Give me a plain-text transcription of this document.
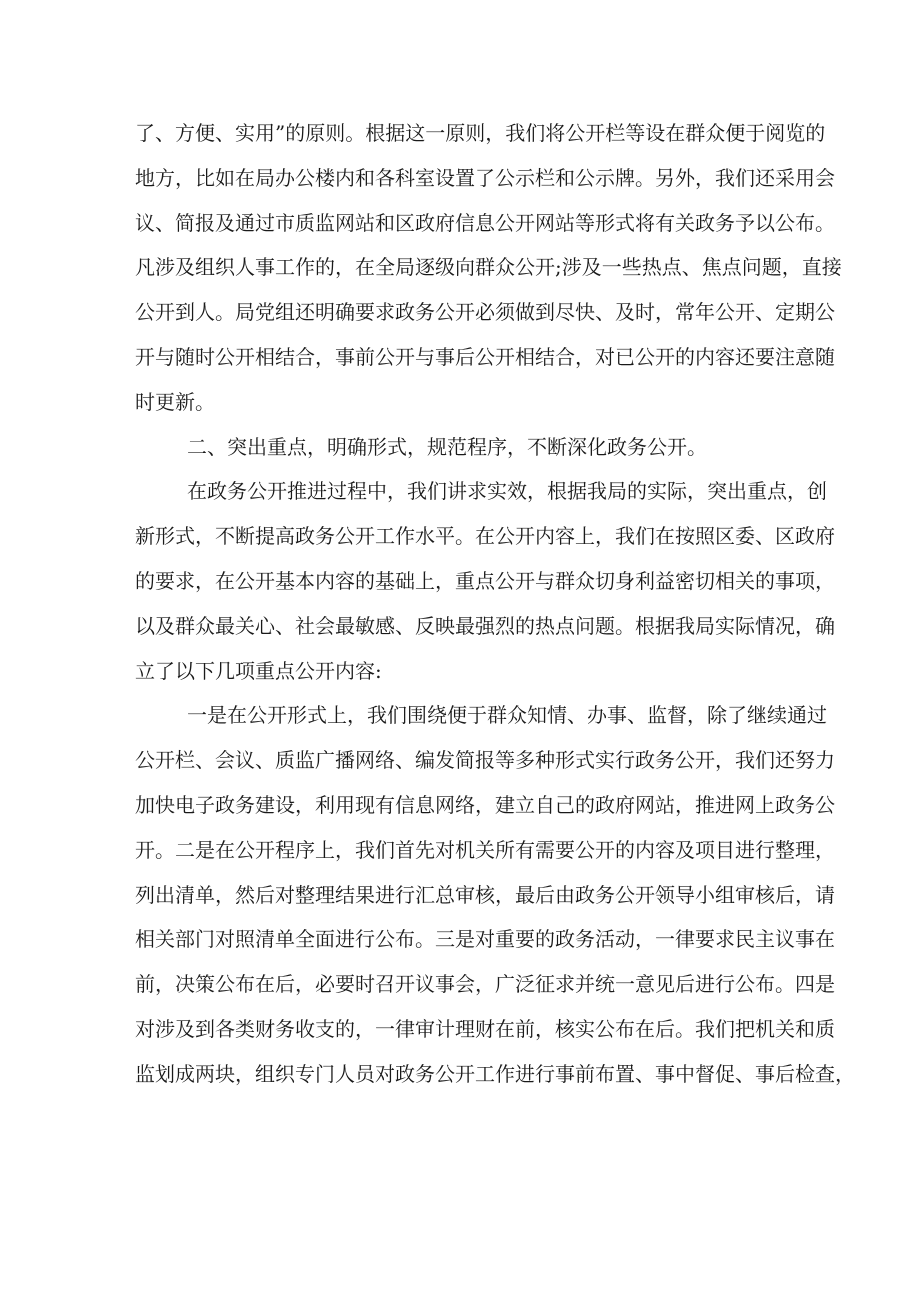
了、方便、实用”的原则。根据这一原则，我们将公开栏等设在群众便于阅览的
地方，比如在局办公楼内和各科室设置了公示栏和公示牌。另外，我们还采用会
议、简报及通过市质监网站和区政府信息公开网站等形式将有关政务予以公布。
凡涉及组织人事工作的，在全局逐级向群众公开;涉及一些热点、焦点问题，直接
公开到人。局党组还明确要求政务公开必须做到尽快、及时，常年公开、定期公
开与随时公开相结合，事前公开与事后公开相结合，对已公开的内容还要注意随
时更新。
二、突出重点，明确形式，规范程序，不断深化政务公开。
在政务公开推进过程中，我们讲求实效，根据我局的实际，突出重点，创
新形式，不断提高政务公开工作水平。在公开内容上，我们在按照区委、区政府
的要求，在公开基本内容的基础上，重点公开与群众切身利益密切相关的事项，
以及群众最关心、社会最敏感、反映最强烈的热点问题。根据我局实际情况，确
立了以下几项重点公开内容:
一是在公开形式上，我们围绕便于群众知情、办事、监督，除了继续通过
公开栏、会议、质监广播网络、编发简报等多种形式实行政务公开，我们还努力
加快电子政务建设，利用现有信息网络，建立自己的政府网站，推进网上政务公
开。二是在公开程序上，我们首先对机关所有需要公开的内容及项目进行整理，
列出清单，然后对整理结果进行汇总审核，最后由政务公开领导小组审核后，请
相关部门对照清单全面进行公布。三是对重要的政务活动，一律要求民主议事在
前，决策公布在后，必要时召开议事会，广泛征求并统一意见后进行公布。四是
对涉及到各类财务收支的，一律审计理财在前，核实公布在后。我们把机关和质
监划成两块，组织专门人员对政务公开工作进行事前布置、事中督促、事后检查，
